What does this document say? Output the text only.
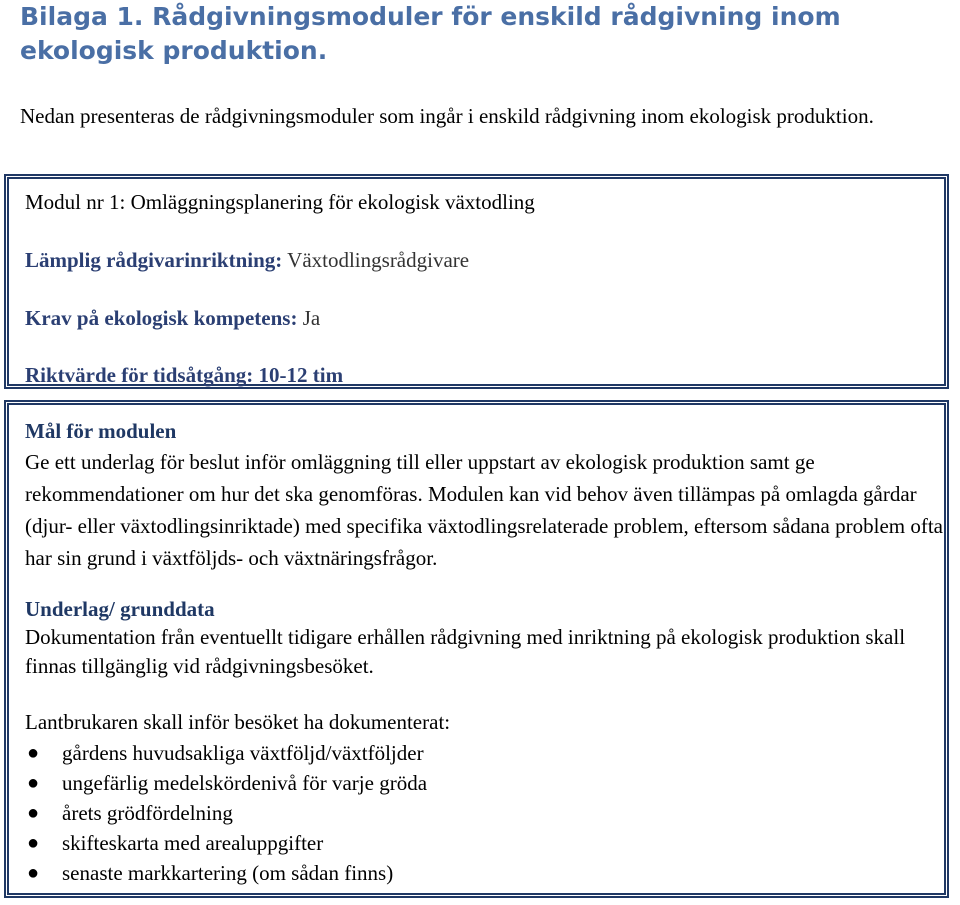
Bilaga 1. Rådgivningsmoduler för enskild rådgivning inom ekologisk produktion.

Nedan presenteras de rådgivningsmoduler som ingår i enskild rådgivning inom ekologisk produktion.

Modul nr 1: Omläggningsplanering för ekologisk växtodling
Lämplig rådgivarinriktning: Växtodlingsrådgivare
Krav på ekologisk kompetens: Ja
Riktvärde för tidsåtgång: 10-12 tim
Mål för modulen

Ge ett underlag för beslut inför omläggning till eller uppstart av ekologisk produktion samt ge rekommendationer om hur det ska genomföras. Modulen kan vid behov även tillämpas på omlagda gårdar (djur- eller växtodlingsinriktade) med specifika växtodlingsrelaterade problem, eftersom sådana problem ofta har sin grund i växtföljds- och växtnäringsfrågor.

Underlag/ grunddata

Dokumentation från eventuellt tidigare erhållen rådgivning med inriktning på ekologisk produktion skall finnas tillgänglig vid rådgivningsbesöket.

Lantbrukaren skall inför besöket ha dokumenterat:
● gårdens huvudsakliga växtföljd/växtföljder
● ungefärlig medelskördenivå för varje gröda
● årets grödfördelning
● skifteskarta med arealuppgifter
● senaste markkartering (om sådan finns)
